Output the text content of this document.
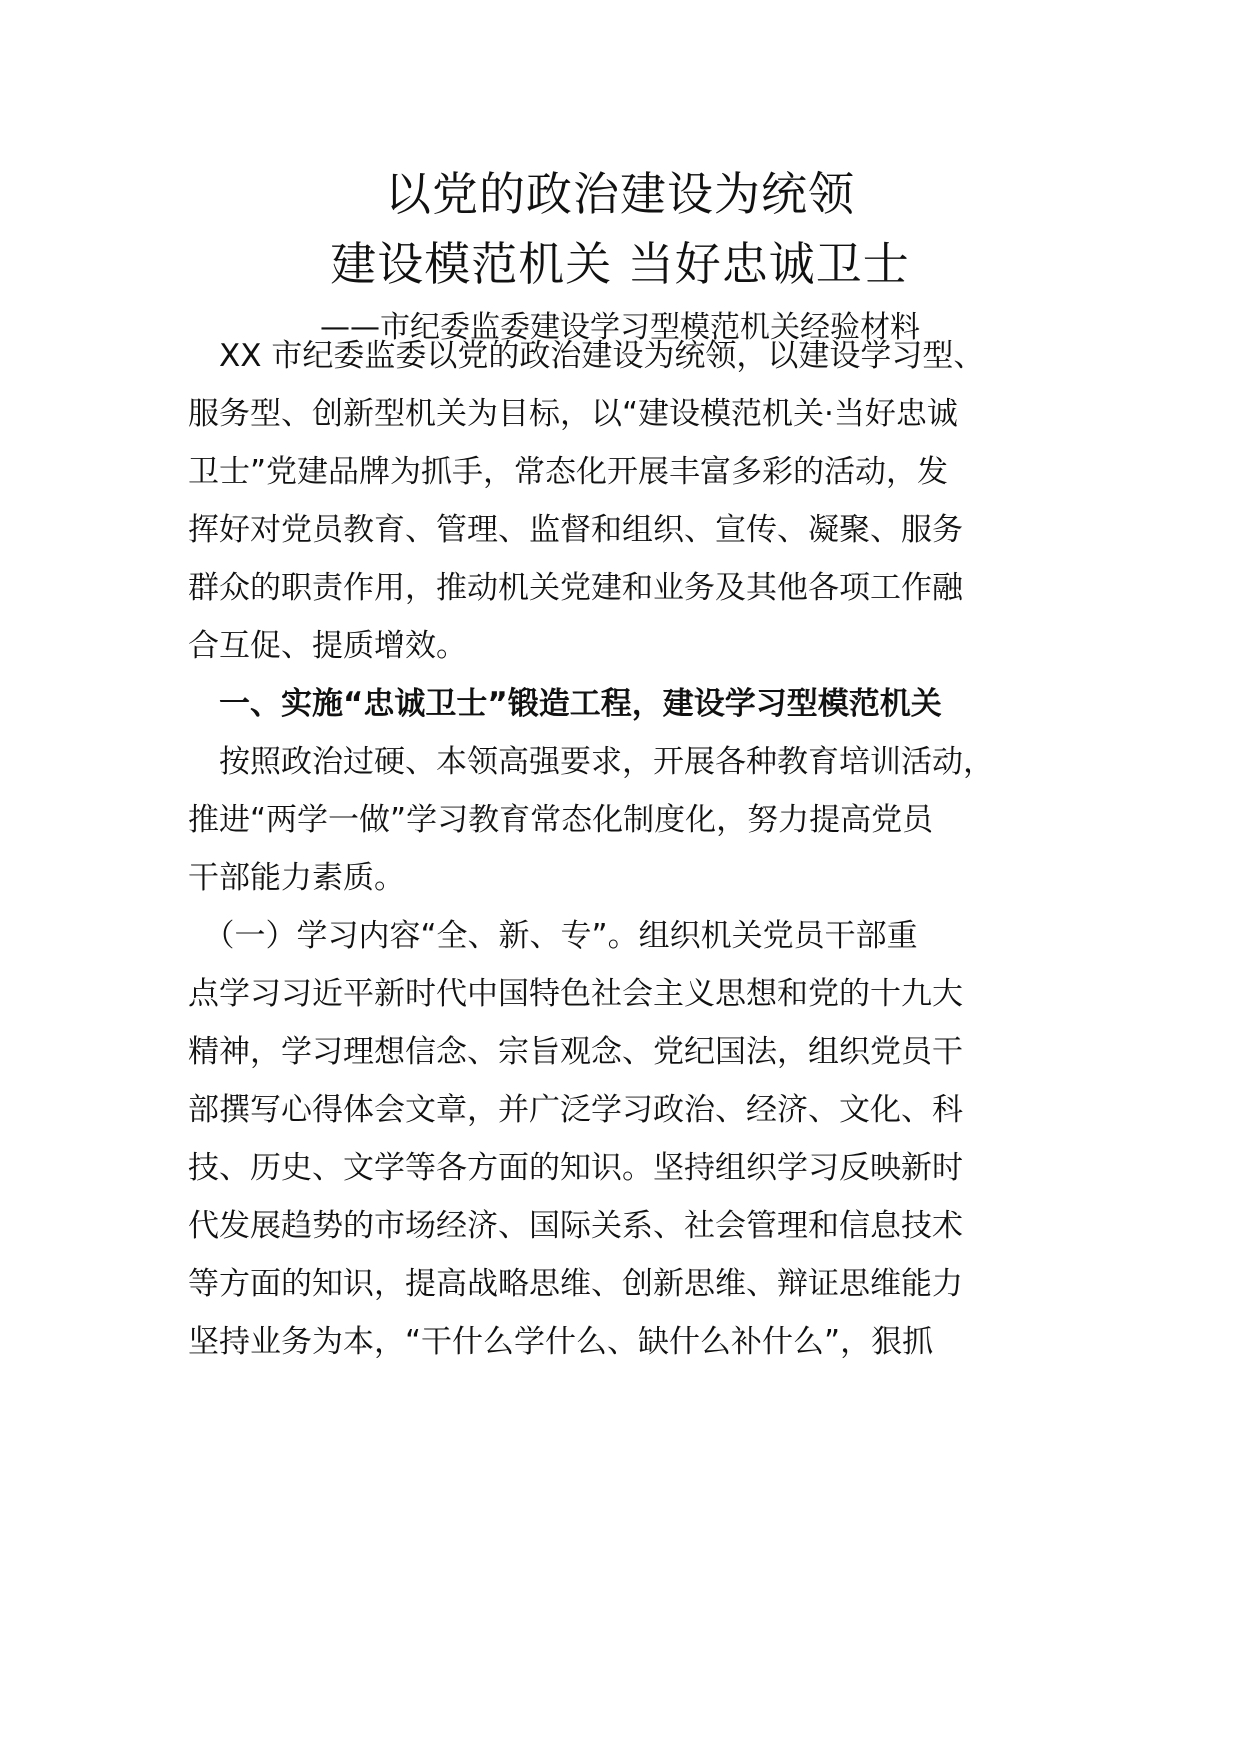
以党的政治建设为统领
建设模范机关 当好忠诚卫士

——市纪委监委建设学习型模范机关经验材料

　XX 市纪委监委以党的政治建设为统领，以建设学习型、

服务型、创新型机关为目标，以“建设模范机关·当好忠诚

卫士”党建品牌为抓手，常态化开展丰富多彩的活动，发

挥好对党员教育、管理、监督和组织、宣传、凝聚、服务

群众的职责作用，推动机关党建和业务及其他各项工作融

合互促、提质增效。

　一、实施“忠诚卫士”锻造工程，建设学习型模范机关

　按照政治过硬、本领高强要求，开展各种教育培训活动，

推进“两学一做”学习教育常态化制度化，努力提高党员

干部能力素质。

　（一）学习内容“全、新、专”。组织机关党员干部重

点学习习近平新时代中国特色社会主义思想和党的十九大

精神，学习理想信念、宗旨观念、党纪国法，组织党员干

部撰写心得体会文章，并广泛学习政治、经济、文化、科

技、历史、文学等各方面的知识。坚持组织学习反映新时

代发展趋势的市场经济、国际关系、社会管理和信息技术

等方面的知识，提高战略思维、创新思维、辩证思维能力

坚持业务为本，“干什么学什么、缺什么补什么”，狠抓
